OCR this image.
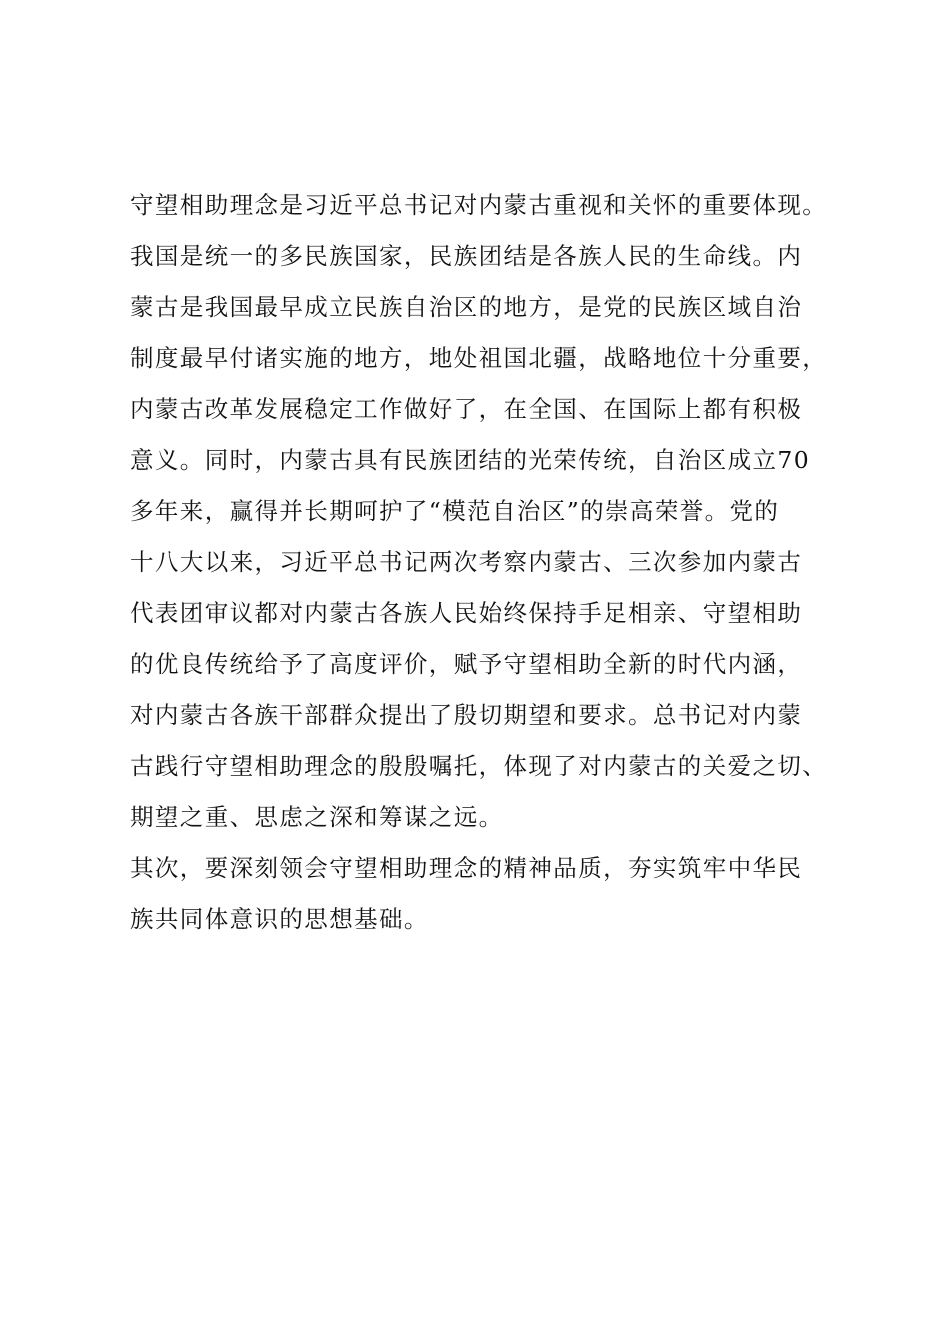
守望相助理念是习近平总书记对内蒙古重视和关怀的重要体现。
我国是统一的多民族国家，民族团结是各族人民的生命线。内
蒙古是我国最早成立民族自治区的地方，是党的民族区域自治
制度最早付诸实施的地方，地处祖国北疆，战略地位十分重要，
内蒙古改革发展稳定工作做好了，在全国、在国际上都有积极
意义。同时，内蒙古具有民族团结的光荣传统，自治区成立70
多年来，赢得并长期呵护了“模范自治区”的崇高荣誉。党的
十八大以来，习近平总书记两次考察内蒙古、三次参加内蒙古
代表团审议都对内蒙古各族人民始终保持手足相亲、守望相助
的优良传统给予了高度评价，赋予守望相助全新的时代内涵，
对内蒙古各族干部群众提出了殷切期望和要求。总书记对内蒙
古践行守望相助理念的殷殷嘱托，体现了对内蒙古的关爱之切、
期望之重、思虑之深和筹谋之远。
其次，要深刻领会守望相助理念的精神品质，夯实筑牢中华民
族共同体意识的思想基础。
